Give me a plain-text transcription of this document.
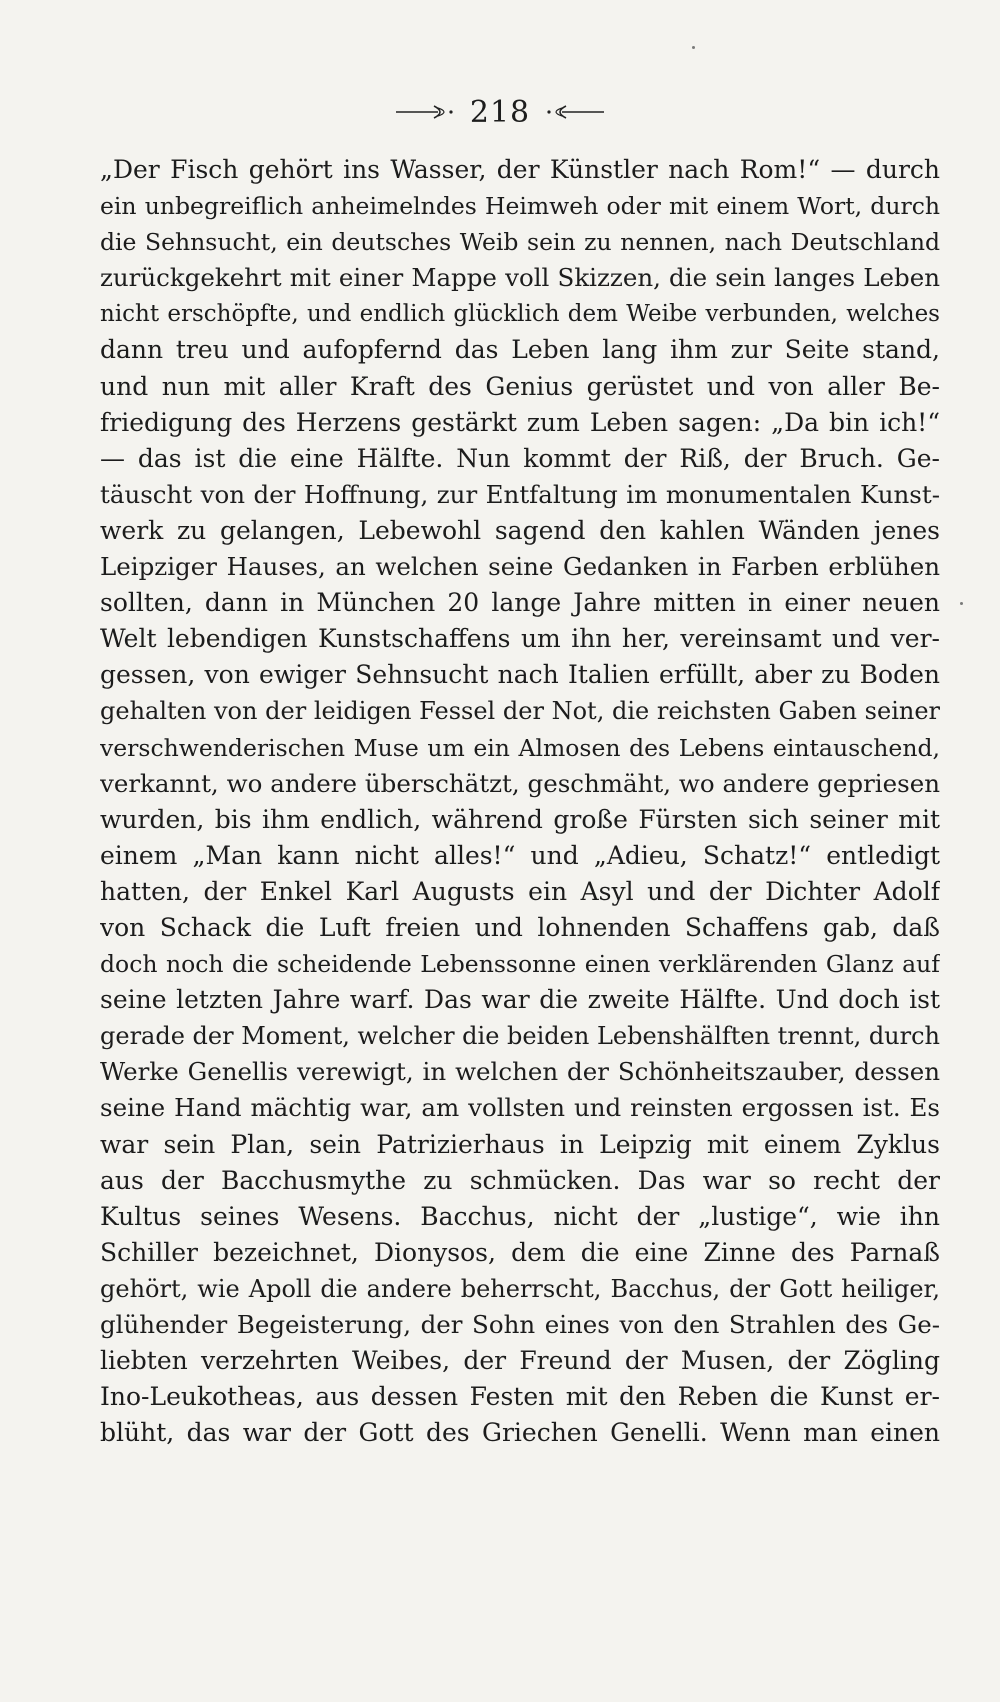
218
„Der Fisch gehört ins Wasser, der Künstler nach Rom!“ — durch
ein unbegreiflich anheimelndes Heimweh oder mit einem Wort, durch
die Sehnsucht, ein deutsches Weib sein zu nennen, nach Deutschland
zurückgekehrt mit einer Mappe voll Skizzen, die sein langes Leben
nicht erschöpfte, und endlich glücklich dem Weibe verbunden, welches
dann treu und aufopfernd das Leben lang ihm zur Seite stand,
und nun mit aller Kraft des Genius gerüstet und von aller Be-
friedigung des Herzens gestärkt zum Leben sagen: „Da bin ich!“
— das ist die eine Hälfte. Nun kommt der Riß, der Bruch. Ge-
täuscht von der Hoffnung, zur Entfaltung im monumentalen Kunst-
werk zu gelangen, Lebewohl sagend den kahlen Wänden jenes
Leipziger Hauses, an welchen seine Gedanken in Farben erblühen
sollten, dann in München 20 lange Jahre mitten in einer neuen
Welt lebendigen Kunstschaffens um ihn her, vereinsamt und ver-
gessen, von ewiger Sehnsucht nach Italien erfüllt, aber zu Boden
gehalten von der leidigen Fessel der Not, die reichsten Gaben seiner
verschwenderischen Muse um ein Almosen des Lebens eintauschend,
verkannt, wo andere überschätzt, geschmäht, wo andere gepriesen
wurden, bis ihm endlich, während große Fürsten sich seiner mit
einem „Man kann nicht alles!“ und „Adieu, Schatz!“ entledigt
hatten, der Enkel Karl Augusts ein Asyl und der Dichter Adolf
von Schack die Luft freien und lohnenden Schaffens gab, daß
doch noch die scheidende Lebenssonne einen verklärenden Glanz auf
seine letzten Jahre warf. Das war die zweite Hälfte. Und doch ist
gerade der Moment, welcher die beiden Lebenshälften trennt, durch
Werke Genellis verewigt, in welchen der Schönheitszauber, dessen
seine Hand mächtig war, am vollsten und reinsten ergossen ist. Es
war sein Plan, sein Patrizierhaus in Leipzig mit einem Zyklus
aus der Bacchusmythe zu schmücken. Das war so recht der
Kultus seines Wesens. Bacchus, nicht der „lustige“, wie ihn
Schiller bezeichnet, Dionysos, dem die eine Zinne des Parnaß
gehört, wie Apoll die andere beherrscht, Bacchus, der Gott heiliger,
glühender Begeisterung, der Sohn eines von den Strahlen des Ge-
liebten verzehrten Weibes, der Freund der Musen, der Zögling
Ino-Leukotheas, aus dessen Festen mit den Reben die Kunst er-
blüht, das war der Gott des Griechen Genelli. Wenn man einen
